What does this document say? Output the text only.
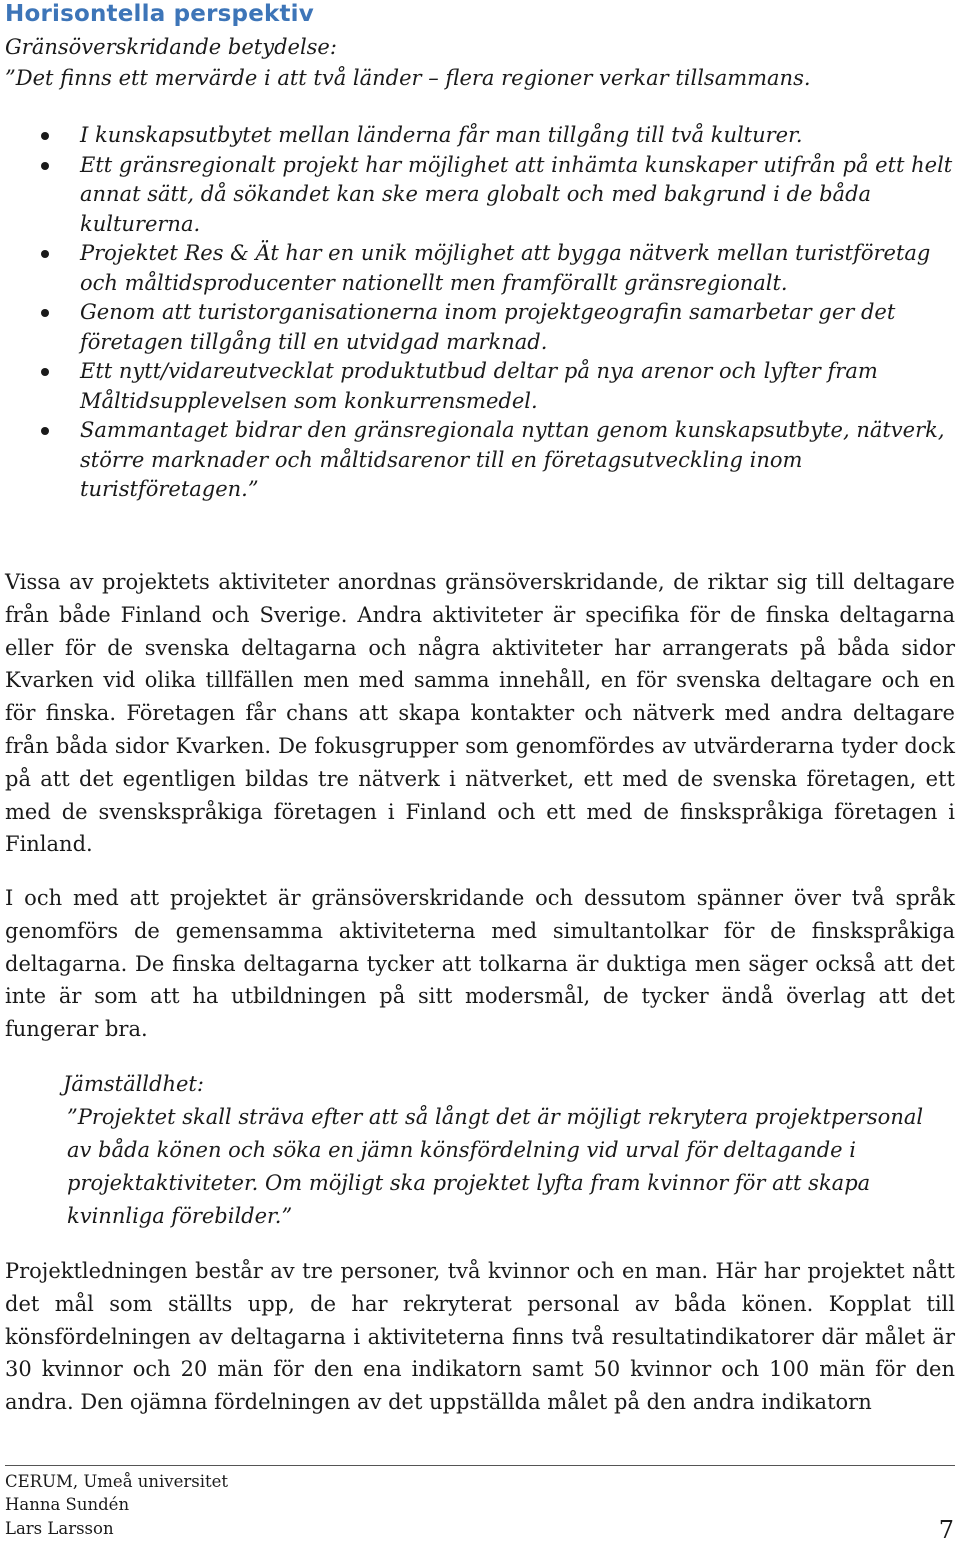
Horisontella perspektiv
Gränsöverskridande betydelse:
”Det finns ett mervärde i att två länder – flera regioner verkar tillsammans.
I kunskapsutbytet mellan länderna får man tillgång till två kulturer.
Ett gränsregionalt projekt har möjlighet att inhämta kunskaper utifrån på ett helt annat sätt, då sökandet kan ske mera globalt och med bakgrund i de båda kulturerna.
Projektet Res & Ät har en unik möjlighet att bygga nätverk mellan turistföretag och måltidsproducenter nationellt men framförallt gränsregionalt.
Genom att turistorganisationerna inom projektgeografin samarbetar ger det företagen tillgång till en utvidgad marknad.
Ett nytt/vidareutvecklat produktutbud deltar på nya arenor och lyfter fram Måltidsupplevelsen som konkurrensmedel.
Sammantaget bidrar den gränsregionala nyttan genom kunskapsutbyte, nätverk, större marknader och måltidsarenor till en företagsutveckling inom turistföretagen.”

Vissa av projektets aktiviteter anordnas gränsöverskridande, de riktar sig till deltagare från både Finland och Sverige. Andra aktiviteter är specifika för de finska deltagarna eller för de svenska deltagarna och några aktiviteter har arrangerats på båda sidor Kvarken vid olika tillfällen men med samma innehåll, en för svenska deltagare och en för finska. Företagen får chans att skapa kontakter och nätverk med andra deltagare från båda sidor Kvarken. De fokusgrupper som genomfördes av utvärderarna tyder dock på att det egentligen bildas tre nätverk i nätverket, ett med de svenska företagen, ett med de svenskspråkiga företagen i Finland och ett med de finskspråkiga företagen i Finland.

I och med att projektet är gränsöverskridande och dessutom spänner över två språk genomförs de gemensamma aktiviteterna med simultantolkar för de finskspråkiga deltagarna. De finska deltagarna tycker att tolkarna är duktiga men säger också att det inte är som att ha utbildningen på sitt modersmål, de tycker ändå överlag att det fungerar bra.

Jämställdhet:
”Projektet skall sträva efter att så långt det är möjligt rekrytera projektpersonal av båda könen och söka en jämn könsfördelning vid urval för deltagande i projektaktiviteter. Om möjligt ska projektet lyfta fram kvinnor för att skapa kvinnliga förebilder.”

Projektledningen består av tre personer, två kvinnor och en man. Här har projektet nått det mål som ställts upp, de har rekryterat personal av båda könen. Kopplat till könsfördelningen av deltagarna i aktiviteterna finns två resultatindikatorer där målet är 30 kvinnor och 20 män för den ena indikatorn samt 50 kvinnor och 100 män för den andra. Den ojämna fördelningen av det uppställda målet på den andra indikatorn

CERUM, Umeå universitet
Hanna Sundén
Lars Larsson	7
